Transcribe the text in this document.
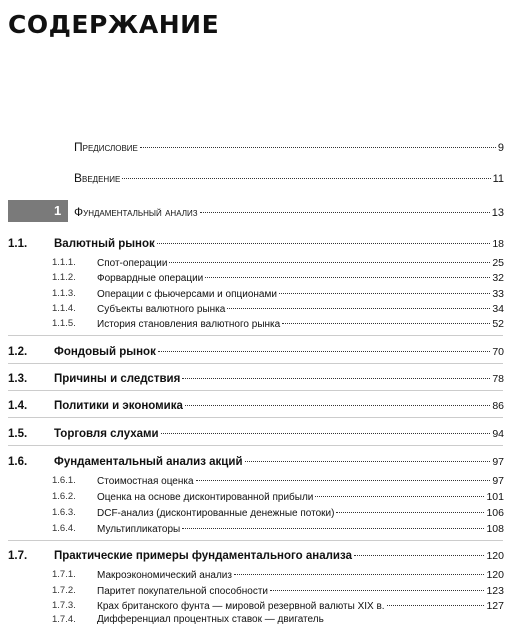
СОДЕРЖАНИЕ
Предисловие	9
Введение	11
1 Фундаментальный анализ	13
1.1. Валютный рынок	18
1.1.1. Спот-операции	25
1.1.2. Форвардные операции	32
1.1.3. Операции с фьючерсами и опционами	33
1.1.4. Субъекты валютного рынка	34
1.1.5. История становления валютного рынка	52
1.2. Фондовый рынок	70
1.3. Причины и следствия	78
1.4. Политики и экономика	86
1.5. Торговля слухами	94
1.6. Фундаментальный анализ акций	97
1.6.1. Стоимостная оценка	97
1.6.2. Оценка на основе дисконтированной прибыли	101
1.6.3. DCF-анализ (дисконтированные денежные потоки)	106
1.6.4. Мультипликаторы	108
1.7. Практические примеры фундаментального анализа	120
1.7.1. Макроэкономический анализ	120
1.7.2. Паритет покупательной способности	123
1.7.3. Крах британского фунта — мировой резервной валюты XIX в.	127
1.7.4. Дифференциал процентных ставок — двигатель
